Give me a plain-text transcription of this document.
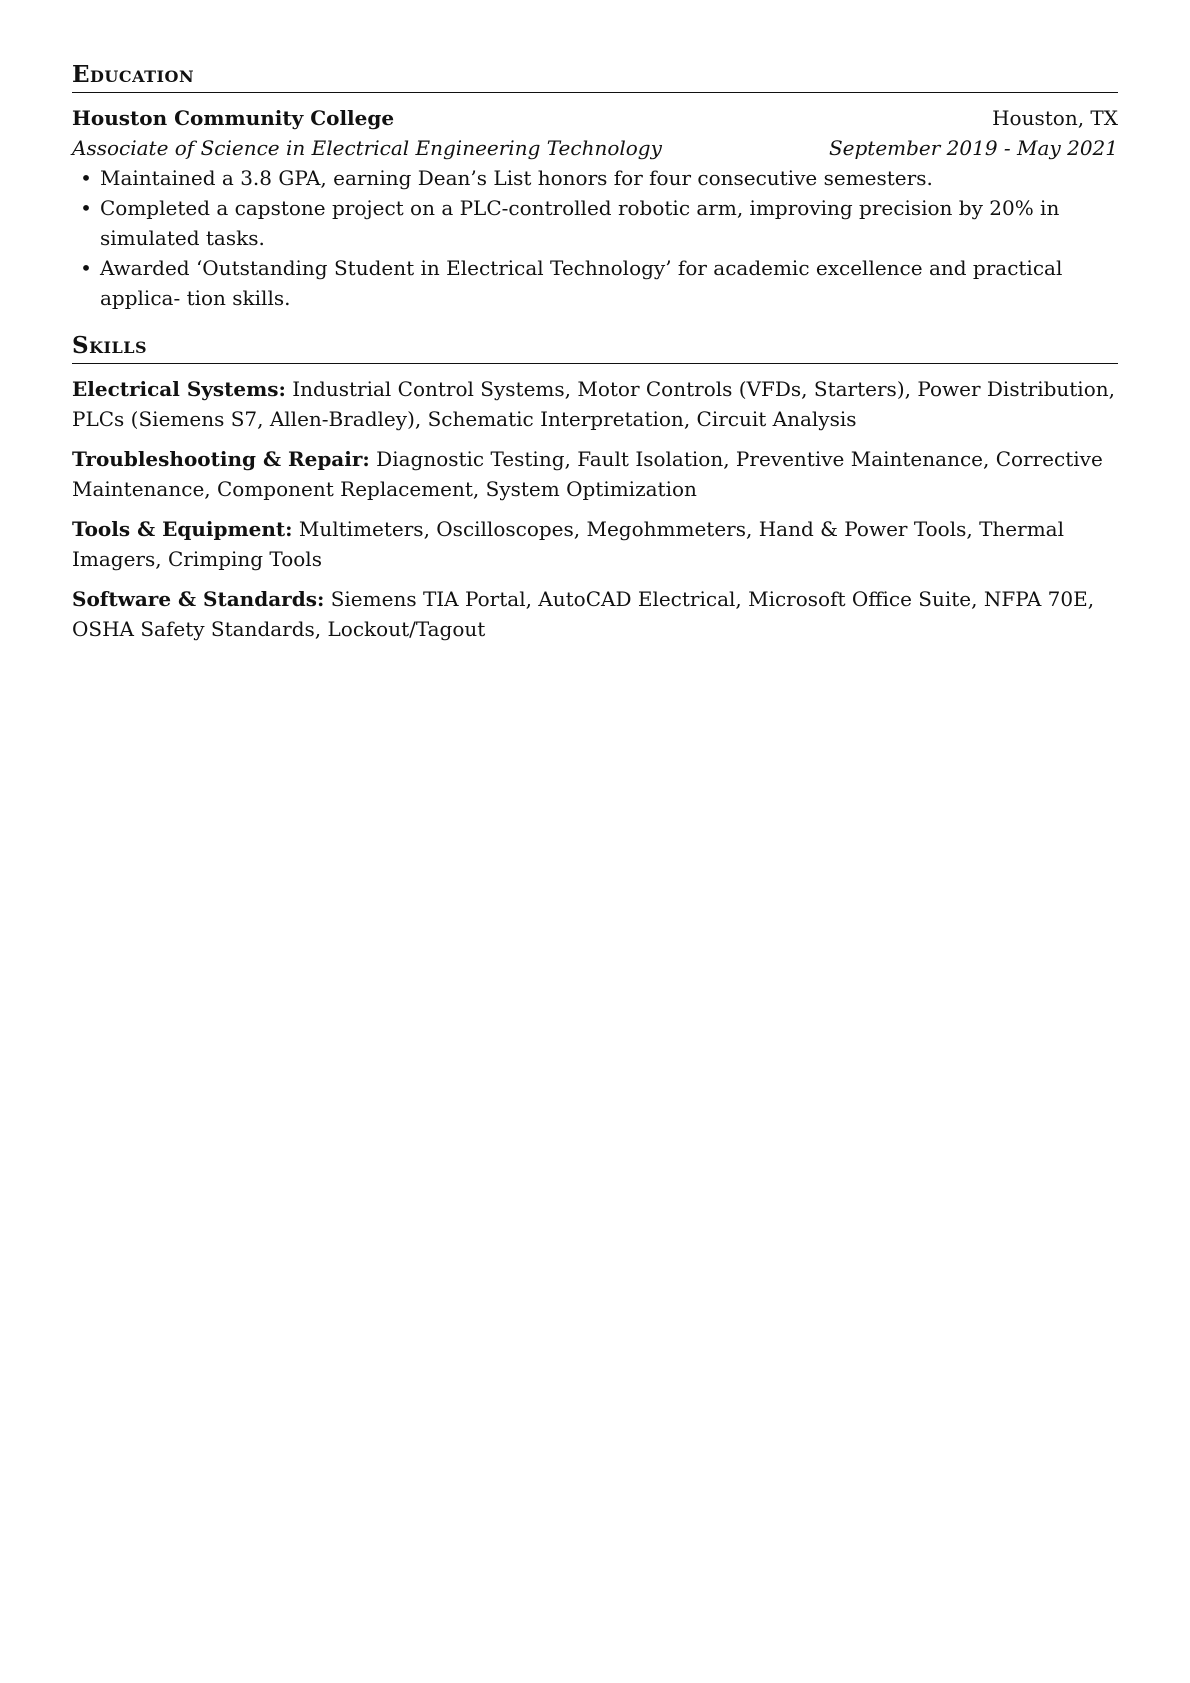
Education
Houston Community College	Houston, TX
Associate of Science in Electrical Engineering Technology	September 2019 - May 2021
• Maintained a 3.8 GPA, earning Dean’s List honors for four consecutive semesters.
• Completed a capstone project on a PLC-controlled robotic arm, improving precision by 20% in simulated tasks.
• Awarded ‘Outstanding Student in Electrical Technology’ for academic excellence and practical applica- tion skills.
Skills
Electrical Systems: Industrial Control Systems, Motor Controls (VFDs, Starters), Power Distribution, PLCs (Siemens S7, Allen-Bradley), Schematic Interpretation, Circuit Analysis
Troubleshooting & Repair: Diagnostic Testing, Fault Isolation, Preventive Maintenance, Corrective Maintenance, Component Replacement, System Optimization
Tools & Equipment: Multimeters, Oscilloscopes, Megohmmeters, Hand & Power Tools, Thermal Imagers, Crimping Tools
Software & Standards: Siemens TIA Portal, AutoCAD Electrical, Microsoft Office Suite, NFPA 70E, OSHA Safety Standards, Lockout/Tagout
